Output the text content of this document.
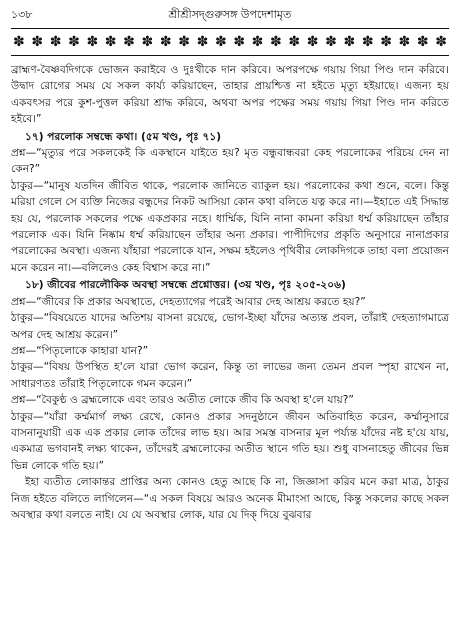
১৩৮	শ্রীশ্রীসদ্গুরুসঙ্গ উপদেশামৃত
✽ ✽ ✽ ✽ ✽ ✽ ✽ ✽ ✽ ✽ ✽ ✽ ✽ ✽ ✽ ✽ ✽ ✽ ✽ ✽ ✽ ✽ ✽ ✽

ব্রাহ্মণ-বৈষ্ণবদিগকে ভোজন করাইবে ও দুঃখীকে দান করিবে। অপরপক্ষে গয়ায় গিয়া পিণ্ড দান করিবে। উদ্বাদ রোগের সময় যে সকল কার্য্য করিয়াছেন, তাহার প্রায়শ্চিত্ত না হইতে মৃত্যু হইয়াছে। এজন্য হয় একবৎসর পরে কুশ-পুত্তল করিয়া শ্রাদ্ধ করিবে, অথবা অপর পক্ষের সময় গয়ায় গিয়া পিণ্ড দান করিতে হইবে।”

১৭) পরলোক সম্বন্ধে কথা। (৫ম খণ্ড, পৃঃ ৭১)

প্রশ্ন—“মৃত্যুর পরে সকলকেই কি একস্থানে যাইতে হয়? মৃত বন্ধুবান্ধবরা কেহ পরলোকের পরিচয় দেন না কেন?”

ঠাকুর—“মানুষ যতদিন জীবিত থাকে, পরলোক জানিতে ব্যাকুল হয়। পরলোকের কথা শুনে, বলে। কিন্তু মরিয়া গেলে সে ব্যক্তি নিজের বন্ধুদের নিকট আসিয়া কোন কথা বলিতে যত্ন করে না।—ইহাতে এই সিদ্ধান্ত হয় যে, পরলোক সকলের পক্ষে একপ্রকার নহে। ধার্ম্মিক, যিনি নানা কামনা করিয়া ধর্ম্ম করিয়াছেন তাঁহার পরলোক এক। যিনি নিষ্কাম ধর্ম্ম করিয়াছেন তাঁহার অন্য প্রকার। পাপীদিগের প্রকৃতি অনুসারে নানাপ্রকার পরলোকের অবস্থা। এজন্য যাঁহারা পরলোকে যান, সক্ষম হইলেও পৃথিবীর লোকদিগকে তাহা বলা প্রয়োজন মনে করেন না।—বলিলেও কেহ বিশ্বাস করে না।”

১৮) জীবের পারলৌকিক অবস্থা সম্বন্ধে প্রশ্নোত্তর। (৩য় খণ্ড, পৃঃ ২০৫-২০৬)

প্রশ্ন—“জীবের কি প্রকার অবস্থাতে, দেহত্যাগের পরেই আবার দেহ আশ্রয় করতে হয়?”

ঠাকুর—“বিষয়েতে যাদের অতিশয় বাসনা রয়েছে, ভোগ-ইচ্ছা যাঁদের অত্যন্ত প্রবল, তাঁরাই দেহত্যাগমাত্রে অপর দেহ আশ্রয় করেন।”

প্রশ্ন—“পিতৃলোকে কাহারা যান?”

ঠাকুর—“বিষয় উপস্থিত হ'লে যারা ভোগ করেন, কিন্তু তা লাভের জন্য তেমন প্রবল স্পৃহা রাখেন না, সাধারণতঃ তাঁরাই পিতৃলোকে গমন করেন।”

প্রশ্ন—“বৈকুণ্ঠ ও ব্রহ্মলোকে এবং তারও অতীত লোকে জীব কি অবস্থা হ'লে যায়?”

ঠাকুর—“যাঁরা কর্ম্মমার্গ লক্ষ্য রেখে, কোনও প্রকার সদনুষ্ঠানে জীবন অতিবাহিত করেন, কর্ম্মানুসারে বাসনানুযায়ী এক এক প্রকার লোক তাঁদের লাভ হয়। আর সমস্ত বাসনার মূল পর্য্যন্ত যাঁদের নষ্ট হ'য়ে যায়, একমাত্র ভগবানই লক্ষ্য থাকেন, তাঁদেরই ব্রহ্মলোকের অতীত স্থানে গতি হয়। শুধু বাসনাহেতু জীবের ভিন্ন ভিন্ন লোকে গতি হয়।”

ইহা ব্যতীত লোকান্তর প্রাপ্তির অন্য কোনও হেতু আছে কি না, জিজ্ঞাসা করিব মনে করা মাত্র, ঠাকুর নিজ হইতে বলিতে লাগিলেন—“এ সকল বিষয়ে আরও অনেক মীমাংসা আছে, কিন্তু সকলের কাছে সকল অবস্থার কথা বলতে নাই। যে যে অবস্থার লোক, যার যে দিক্ দিয়ে বুঝবার
